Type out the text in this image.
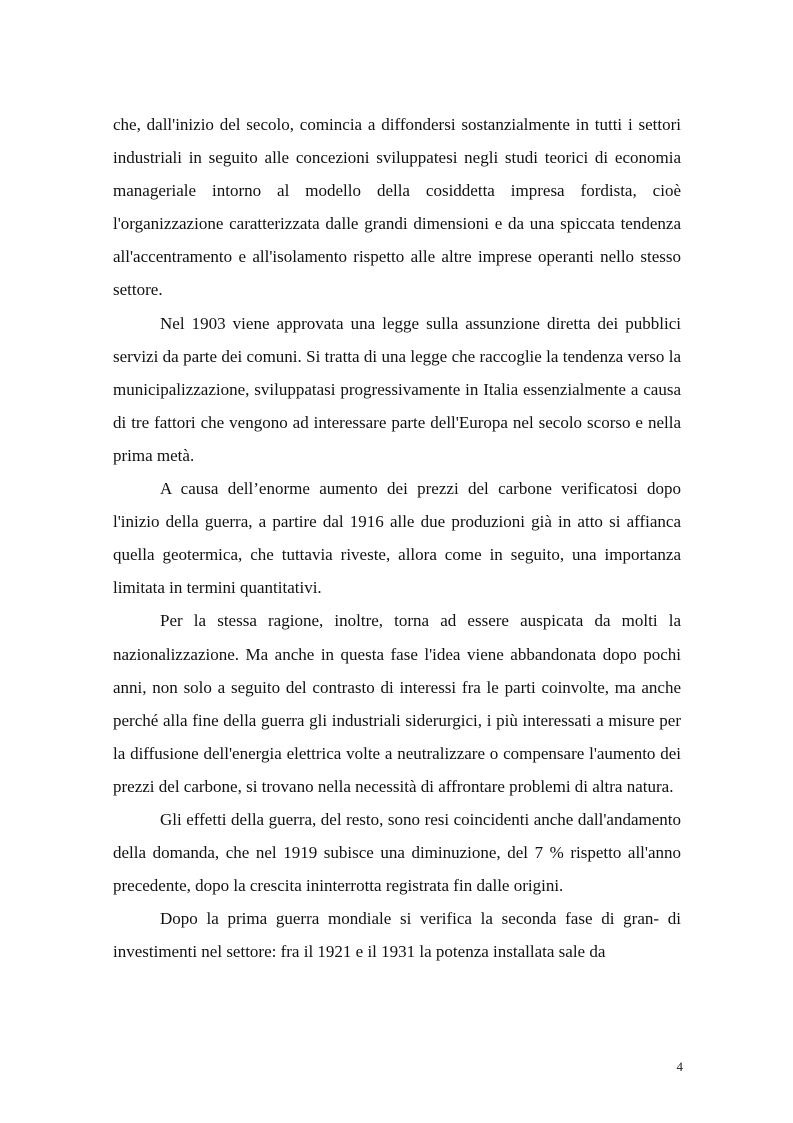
che, dall'inizio del secolo, comincia a diffondersi sostanzialmente in tutti i settori industriali in seguito alle concezioni sviluppatesi negli studi teorici di economia manageriale intorno al modello della cosiddetta impresa fordista, cioè l'organizzazione caratterizzata dalle grandi dimensioni e da una spiccata tendenza all'accentramento e all'isolamento rispetto alle altre imprese operanti nello stesso settore.

Nel 1903 viene approvata una legge sulla assunzione diretta dei pubblici servizi da parte dei comuni. Si tratta di una legge che raccoglie la tendenza verso la municipalizzazione, sviluppatasi progressivamente in Italia essenzialmente a causa di tre fattori che vengono ad interessare parte dell'Europa nel secolo scorso e nella prima metà.

A causa dell’enorme aumento dei prezzi del carbone verificatosi dopo l'inizio della guerra, a partire dal 1916 alle due produzioni già in atto si affianca quella geotermica, che tuttavia riveste, allora come in seguito, una importanza limitata in termini quantitativi.

Per la stessa ragione, inoltre, torna ad essere auspicata da molti la nazionalizzazione. Ma anche in questa fase l'idea viene abbandonata dopo pochi anni, non solo a seguito del contrasto di interessi fra le parti coinvolte, ma anche perché alla fine della guerra gli industriali siderurgici, i più interessati a misure per la diffusione dell'energia elettrica volte a neutralizzare o compensare l'aumento dei prezzi del carbone, si trovano nella necessità di affrontare problemi di altra natura.

Gli effetti della guerra, del resto, sono resi coincidenti anche dall'andamento della domanda, che nel 1919 subisce una diminuzione, del 7 % rispetto all'anno precedente, dopo la crescita ininterrotta registrata fin dalle origini.

Dopo la prima guerra mondiale si verifica la seconda fase di gran- di investimenti nel settore: fra il 1921 e il 1931 la potenza installata sale da

4
